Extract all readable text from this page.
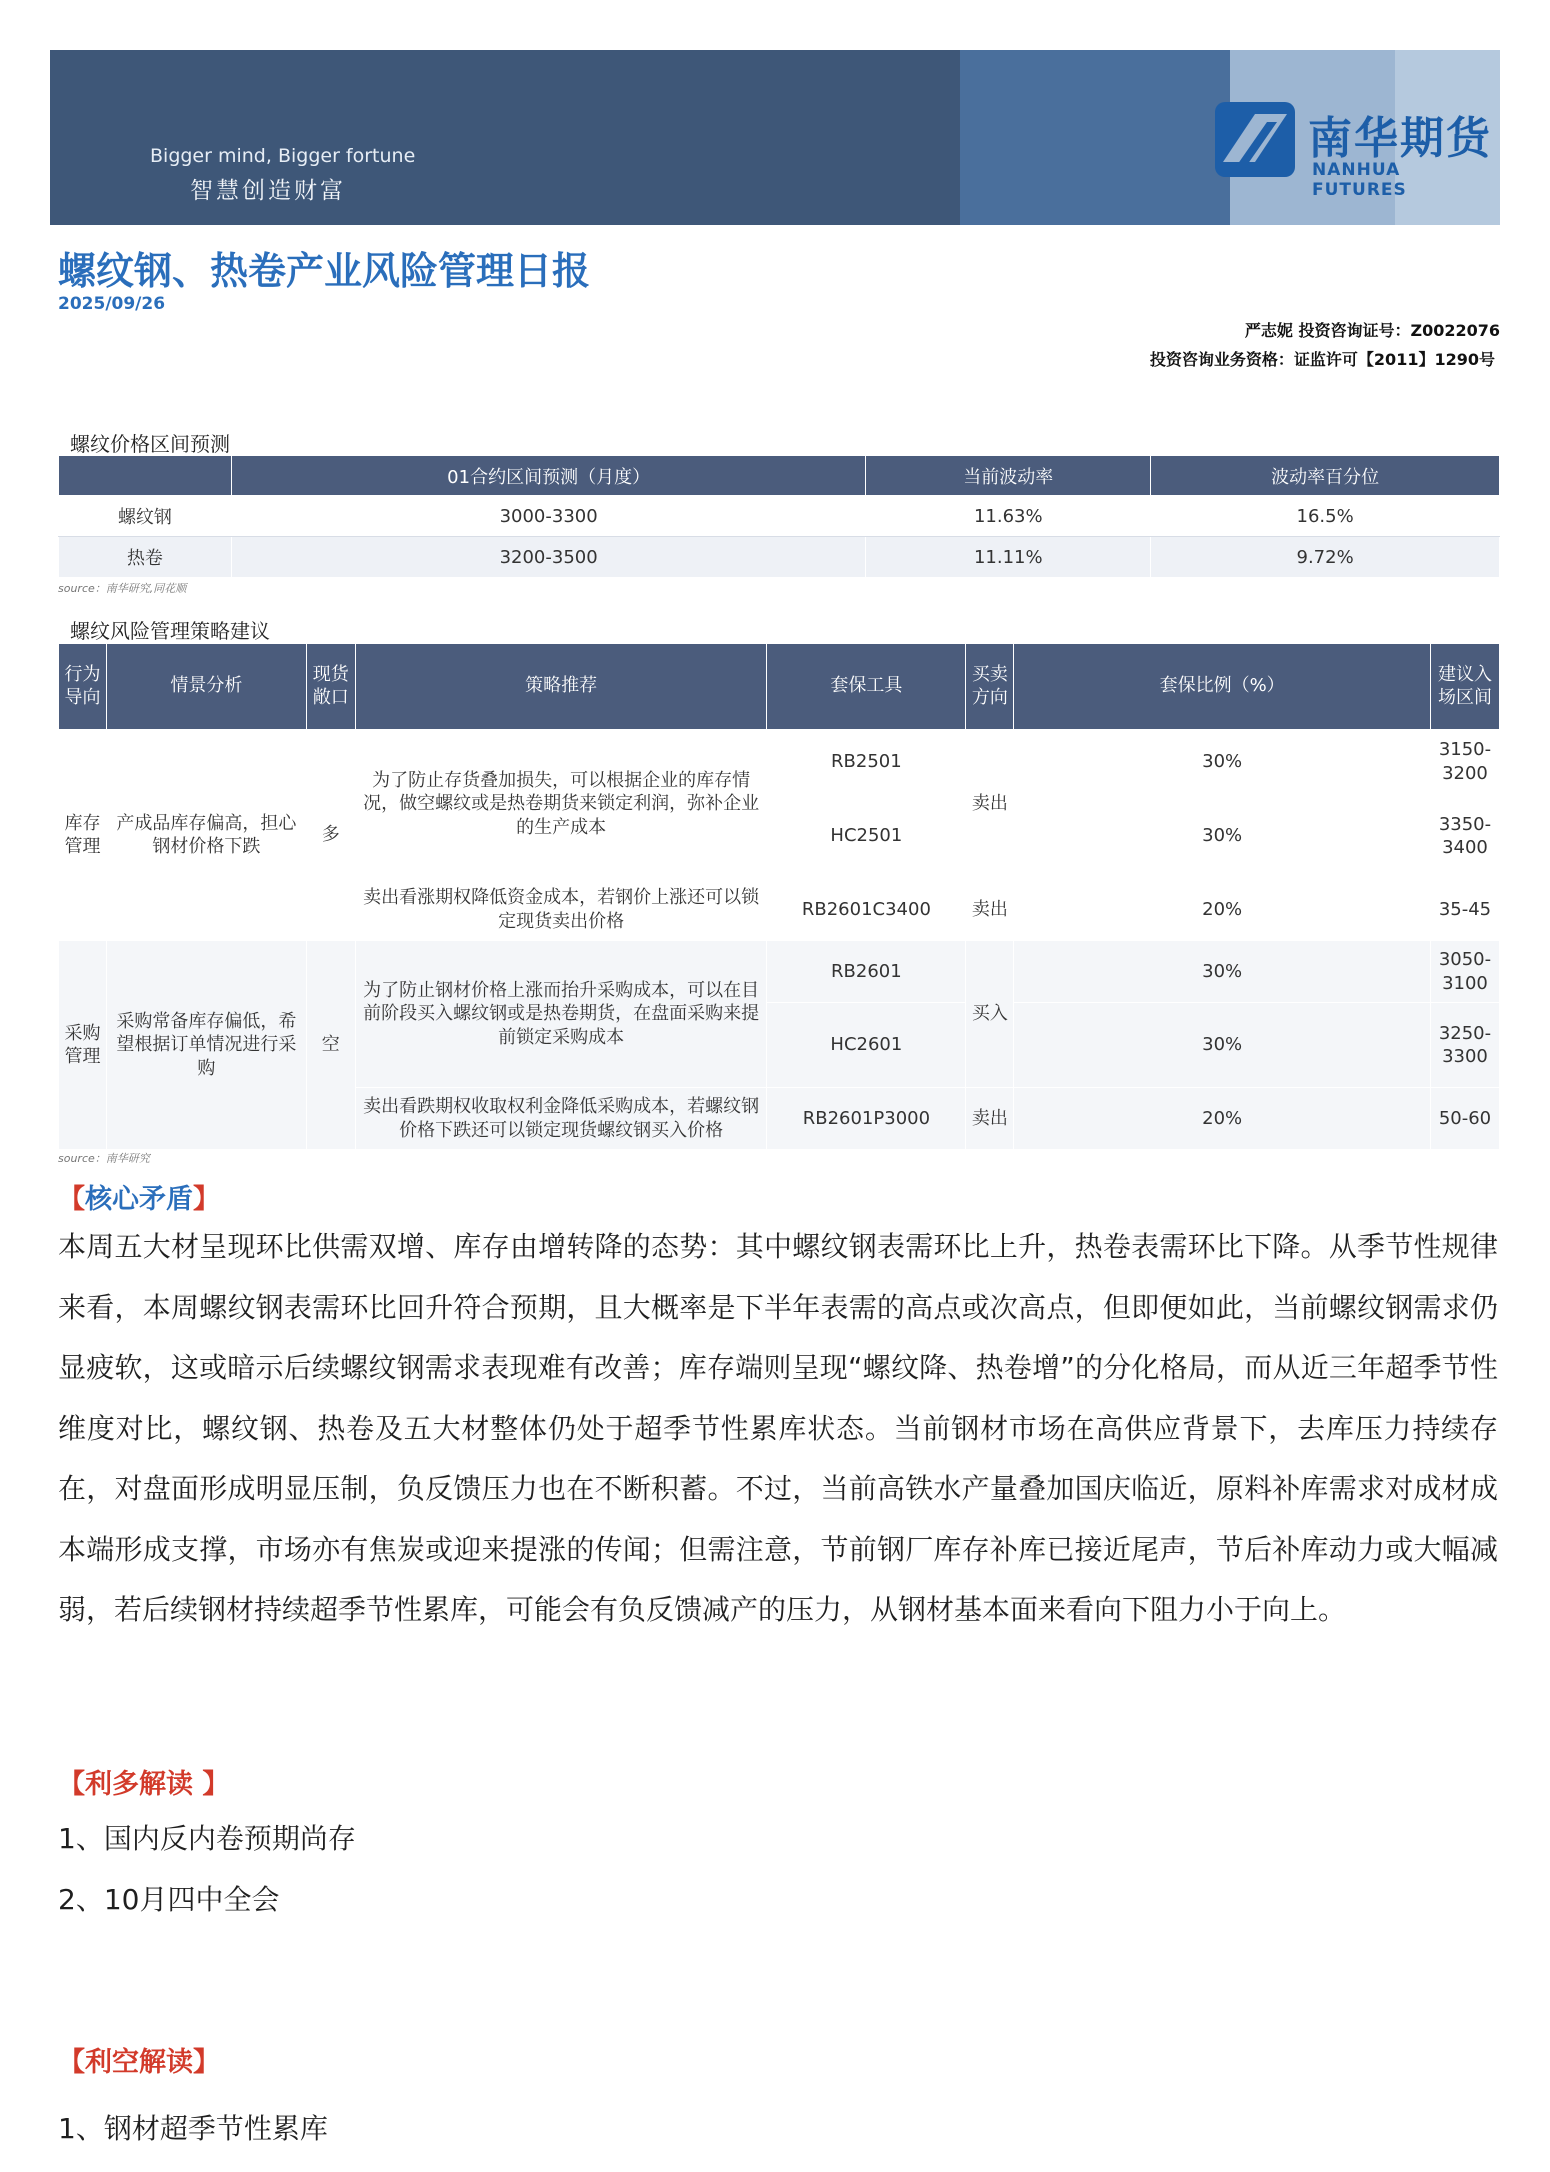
Bigger mind, Bigger fortune
智慧创造财富
南华期货
NANHUA FUTURES
螺纹钢、热卷产业风险管理日报
2025/09/26
严志妮 投资咨询证号：Z0022076
投资咨询业务资格：证监许可【2011】1290号
螺纹价格区间预测
	01合约区间预测（月度）	当前波动率	波动率百分位
螺纹钢	3000-3300	11.63%	16.5%
热卷	3200-3500	11.11%	9.72%
source：南华研究,同花顺
螺纹风险管理策略建议
行为导向	情景分析	现货敞口	策略推荐	套保工具	买卖方向	套保比例（%）	建议入场区间
库存管理	产成品库存偏高，担心钢材价格下跌	多	为了防止存货叠加损失，可以根据企业的库存情况，做空螺纹或是热卷期货来锁定利润，弥补企业的生产成本	RB2501	卖出	30%	3150-3200
				HC2501		30%	3350-3400
			卖出看涨期权降低资金成本，若钢价上涨还可以锁定现货卖出价格	RB2601C3400	卖出	20%	35-45
采购管理	采购常备库存偏低，希望根据订单情况进行采购	空	为了防止钢材价格上涨而抬升采购成本，可以在目前阶段买入螺纹钢或是热卷期货，在盘面采购来提前锁定采购成本	RB2601	买入	30%	3050-3100
				HC2601		30%	3250-3300
			卖出看跌期权收取权利金降低采购成本，若螺纹钢价格下跌还可以锁定现货螺纹钢买入价格	RB2601P3000	卖出	20%	50-60
source：南华研究
【核心矛盾】
本周五大材呈现环比供需双增、库存由增转降的态势：其中螺纹钢表需环比上升，热卷表需环比下降。从季节性规律来看，本周螺纹钢表需环比回升符合预期，且大概率是下半年表需的高点或次高点，但即便如此，当前螺纹钢需求仍显疲软，这或暗示后续螺纹钢需求表现难有改善；库存端则呈现“螺纹降、热卷增”的分化格局，而从近三年超季节性维度对比，螺纹钢、热卷及五大材整体仍处于超季节性累库状态。当前钢材市场在高供应背景下，去库压力持续存在，对盘面形成明显压制，负反馈压力也在不断积蓄。不过，当前高铁水产量叠加国庆临近，原料补库需求对成材成本端形成支撑，市场亦有焦炭或迎来提涨的传闻；但需注意，节前钢厂库存补库已接近尾声，节后补库动力或大幅减弱，若后续钢材持续超季节性累库，可能会有负反馈减产的压力，从钢材基本面来看向下阻力小于向上。
【利多解读 】
1、国内反内卷预期尚存
2、10月四中全会
【利空解读】
1、钢材超季节性累库
